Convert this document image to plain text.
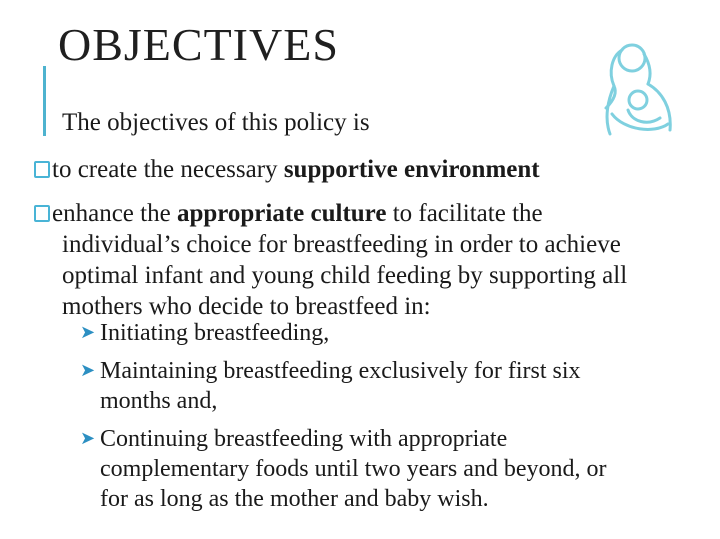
OBJECTIVES
The objectives of this policy is
to create the necessary supportive environment
enhance the appropriate culture to facilitate the
individual’s choice for breastfeeding in order to achieve
optimal infant and young child feeding by supporting all
mothers who decide to breastfeed in:
➤ Initiating breastfeeding,
➤ Maintaining breastfeeding exclusively for first six
months and,
➤ Continuing breastfeeding with appropriate
complementary foods until two years and beyond, or
for as long as the mother and baby wish.
